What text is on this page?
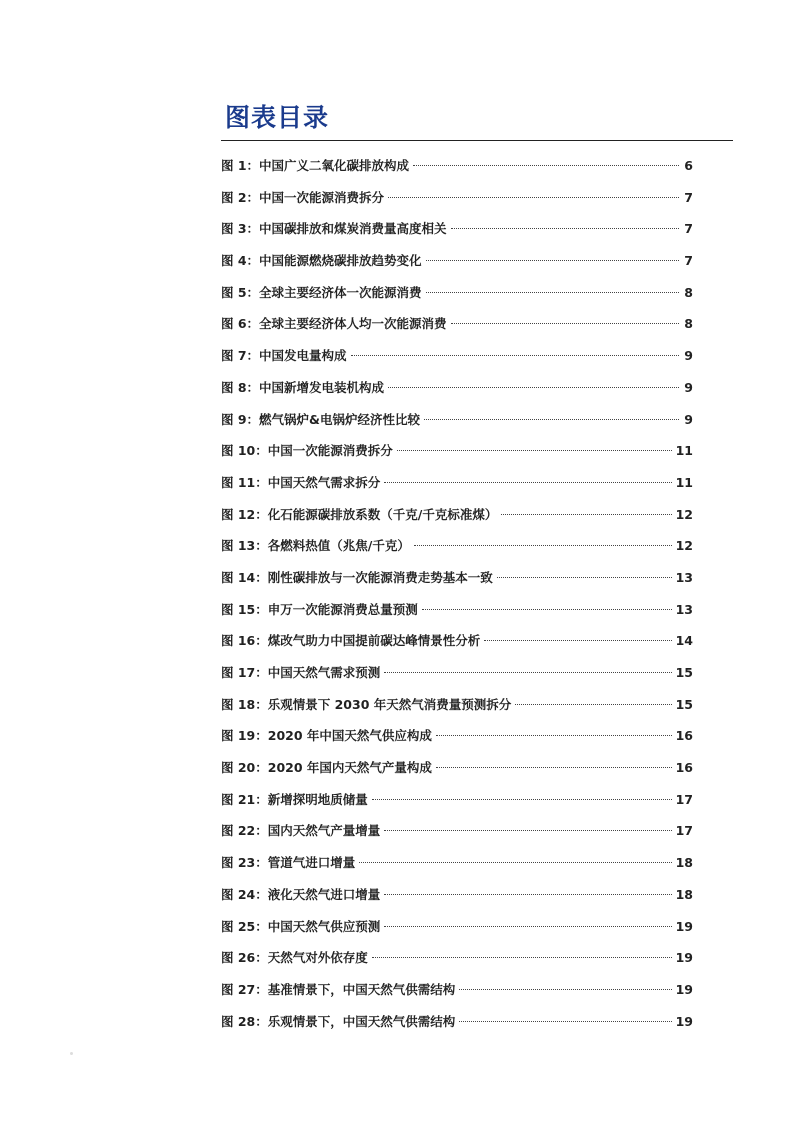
图表目录
图 1：中国广义二氧化碳排放构成	6
图 2：中国一次能源消费拆分	7
图 3：中国碳排放和煤炭消费量高度相关	7
图 4：中国能源燃烧碳排放趋势变化	7
图 5：全球主要经济体一次能源消费	8
图 6：全球主要经济体人均一次能源消费	8
图 7：中国发电量构成	9
图 8：中国新增发电装机构成	9
图 9：燃气锅炉&电锅炉经济性比较	9
图 10：中国一次能源消费拆分	11
图 11：中国天然气需求拆分	11
图 12：化石能源碳排放系数（千克/千克标准煤）	12
图 13：各燃料热值（兆焦/千克）	12
图 14：刚性碳排放与一次能源消费走势基本一致	13
图 15：申万一次能源消费总量预测	13
图 16：煤改气助力中国提前碳达峰情景性分析	14
图 17：中国天然气需求预测	15
图 18：乐观情景下 2030 年天然气消费量预测拆分	15
图 19：2020 年中国天然气供应构成	16
图 20：2020 年国内天然气产量构成	16
图 21：新增探明地质储量	17
图 22：国内天然气产量增量	17
图 23：管道气进口增量	18
图 24：液化天然气进口增量	18
图 25：中国天然气供应预测	19
图 26：天然气对外依存度	19
图 27：基准情景下，中国天然气供需结构	19
图 28：乐观情景下，中国天然气供需结构	19
